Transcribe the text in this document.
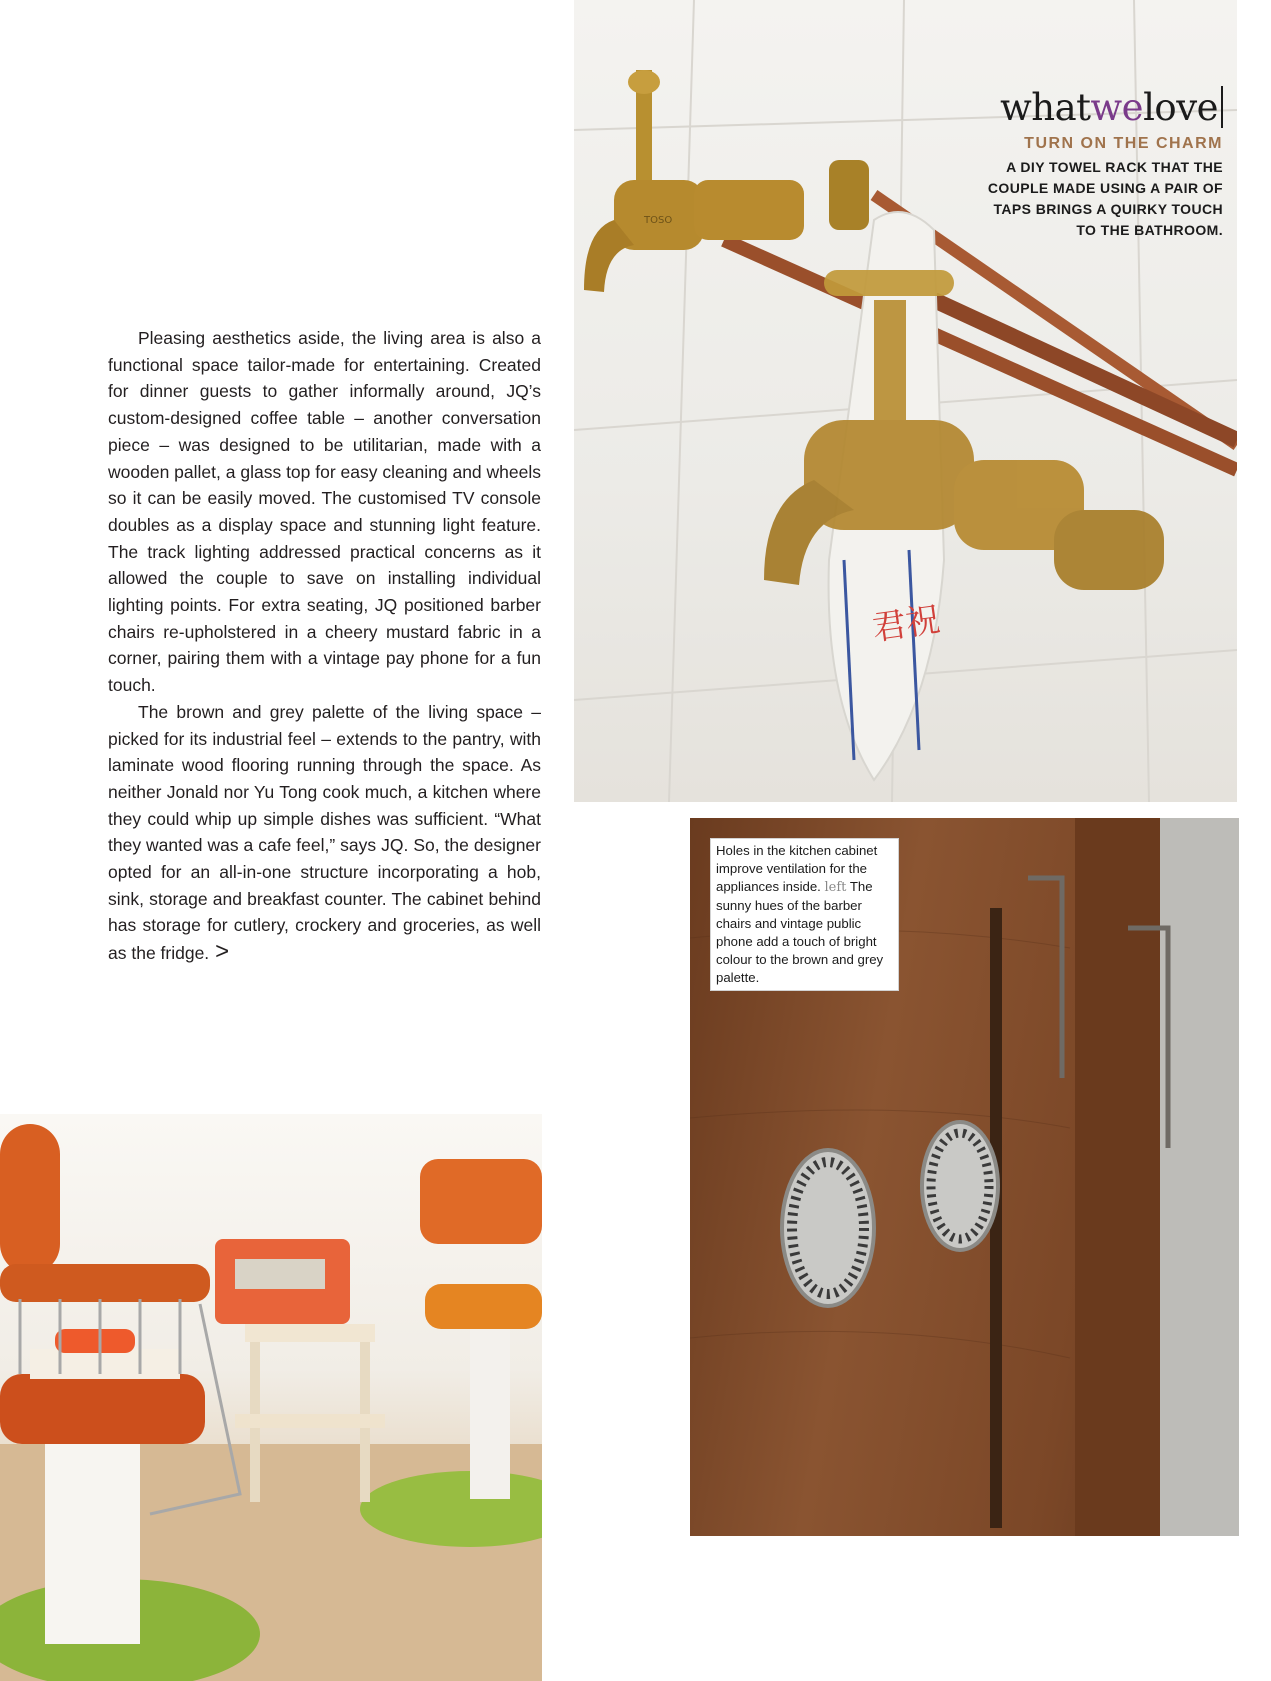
君祝
TOSO
whatwelove
TURN ON THE CHARM
A DIY TOWEL RACK THAT THE COUPLE MADE USING A PAIR OF TAPS BRINGS A QUIRKY TOUCH TO THE BATHROOM.

Pleasing aesthetics aside, the living area is also a functional space tailor-made for entertaining. Created for dinner guests to gather informally around, JQ’s custom-designed coffee table – another conversation piece – was designed to be utilitarian, made with a wooden pallet, a glass top for easy cleaning and wheels so it can be easily moved. The customised TV console doubles as a display space and stunning light feature. The track lighting addressed practical concerns as it allowed the couple to save on installing individual lighting points. For extra seating, JQ positioned barber chairs re-upholstered in a cheery mustard fabric in a corner, pairing them with a vintage pay phone for a fun touch.

The brown and grey palette of the living space – picked for its industrial feel – extends to the pantry, with laminate wood flooring running through the space. As neither Jonald nor Yu Tong cook much, a kitchen where they could whip up simple dishes was sufficient. “What they wanted was a cafe feel,” says JQ. So, the designer opted for an all-in-one structure incorporating a hob, sink, storage and breakfast counter. The cabinet behind has storage for cutlery, crockery and groceries, as well as the fridge. >

Holes in the kitchen cabinet improve ventilation for the appliances inside. left The sunny hues of the barber chairs and vintage public phone add a touch of bright colour to the brown and grey palette.
